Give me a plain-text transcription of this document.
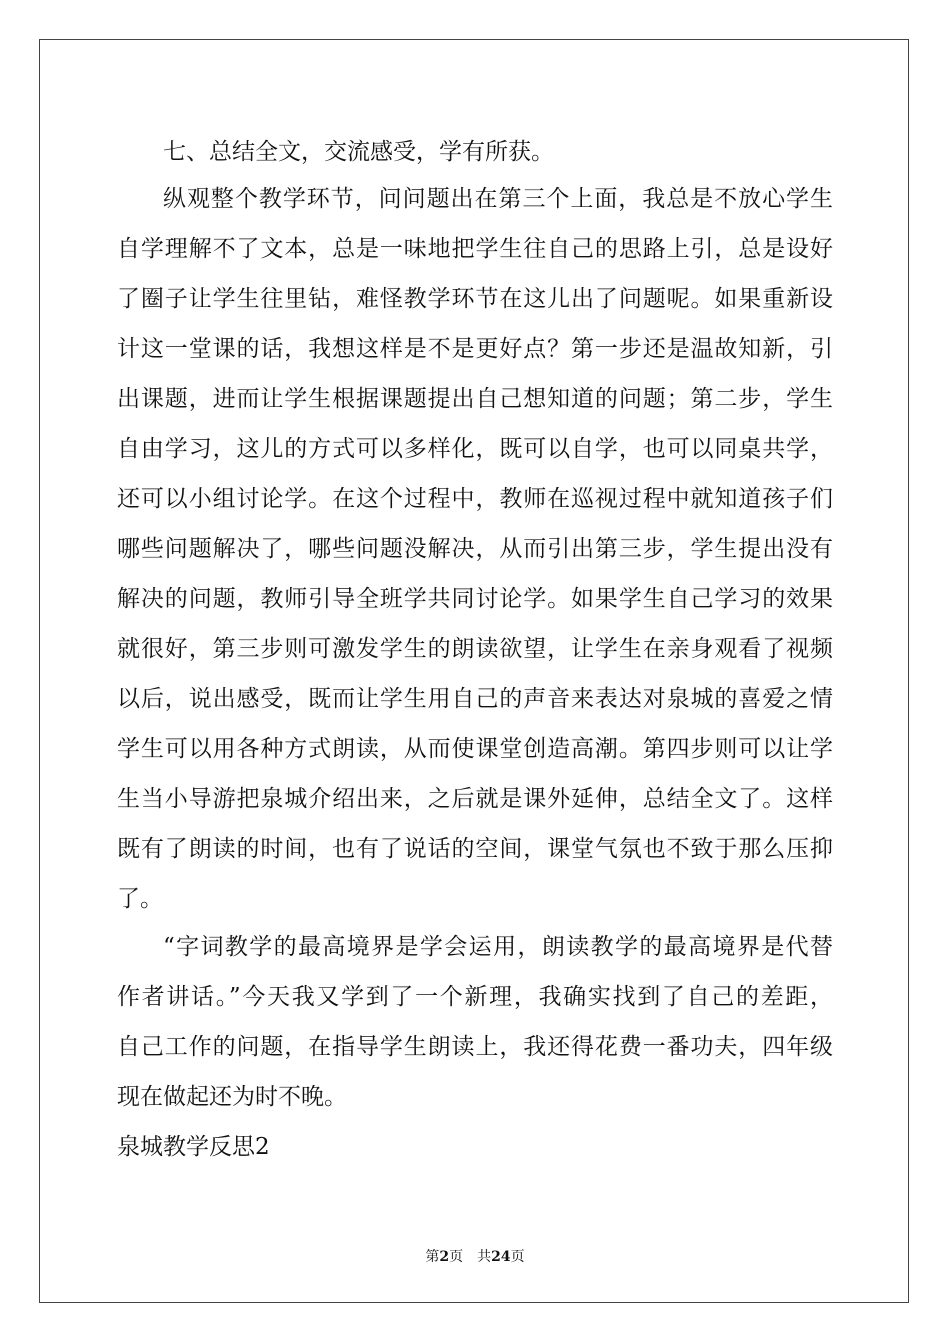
七、总结全文，交流感受，学有所获。
纵观整个教学环节，问问题出在第三个上面，我总是不放心学生
自学理解不了文本，总是一味地把学生往自己的思路上引，总是设好
了圈子让学生往里钻，难怪教学环节在这儿出了问题呢。如果重新设
计这一堂课的话，我想这样是不是更好点？第一步还是温故知新，引
出课题，进而让学生根据课题提出自己想知道的问题；第二步，学生
自由学习，这儿的方式可以多样化，既可以自学，也可以同桌共学，
还可以小组讨论学。在这个过程中，教师在巡视过程中就知道孩子们
哪些问题解决了，哪些问题没解决，从而引出第三步，学生提出没有
解决的问题，教师引导全班学共同讨论学。如果学生自己学习的效果
就很好，第三步则可激发学生的朗读欲望，让学生在亲身观看了视频
以后，说出感受，既而让学生用自己的声音来表达对泉城的喜爱之情
学生可以用各种方式朗读，从而使课堂创造高潮。第四步则可以让学
生当小导游把泉城介绍出来，之后就是课外延伸，总结全文了。这样
既有了朗读的时间，也有了说话的空间，课堂气氛也不致于那么压抑
了。
“字词教学的最高境界是学会运用，朗读教学的最高境界是代替
作者讲话。”今天我又学到了一个新理，我确实找到了自己的差距，
自己工作的问题，在指导学生朗读上，我还得花费一番功夫，四年级
现在做起还为时不晚。
泉城教学反思2
第2页 共24页
